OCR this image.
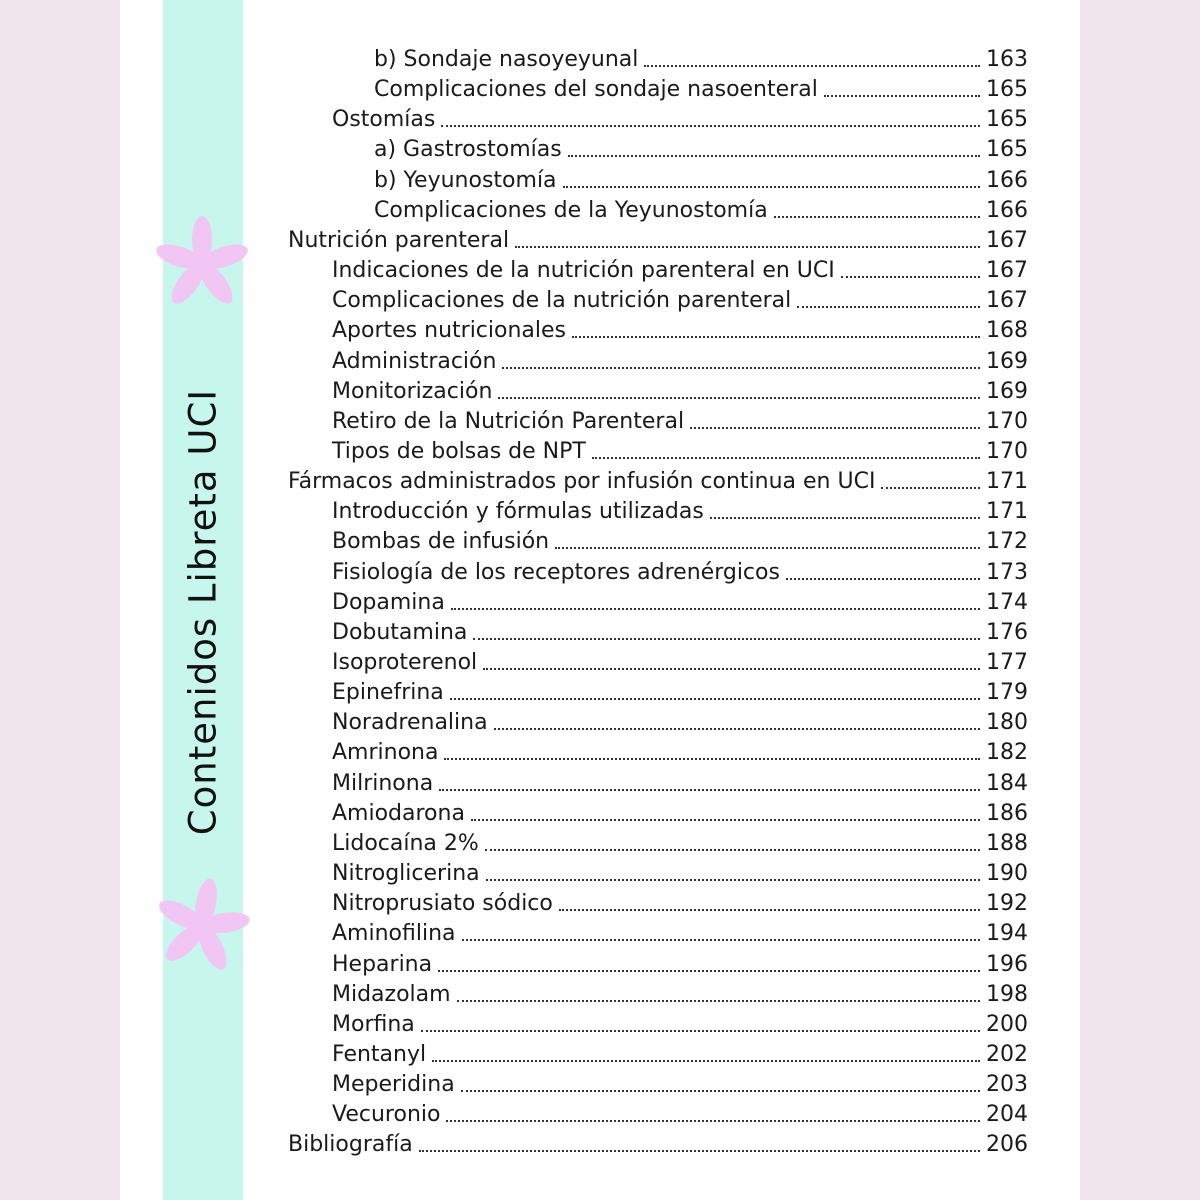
Contenidos Libreta UCI
b) Sondaje nasoyeyunal	163
Complicaciones del sondaje nasoenteral	165
Ostomías	165
a) Gastrostomías	165
b) Yeyunostomía	166
Complicaciones de la Yeyunostomía	166
Nutrición parenteral	167
Indicaciones de la nutrición parenteral en UCI	167
Complicaciones de la nutrición parenteral	167
Aportes nutricionales	168
Administración	169
Monitorización	169
Retiro de la Nutrición Parenteral	170
Tipos de bolsas de NPT	170
Fármacos administrados por infusión continua en UCI	171
Introducción y fórmulas utilizadas	171
Bombas de infusión	172
Fisiología de los receptores adrenérgicos	173
Dopamina	174
Dobutamina	176
Isoproterenol	177
Epinefrina	179
Noradrenalina	180
Amrinona	182
Milrinona	184
Amiodarona	186
Lidocaína 2%	188
Nitroglicerina	190
Nitroprusiato sódico	192
Aminofilina	194
Heparina	196
Midazolam	198
Morfina	200
Fentanyl	202
Meperidina	203
Vecuronio	204
Bibliografía	206
